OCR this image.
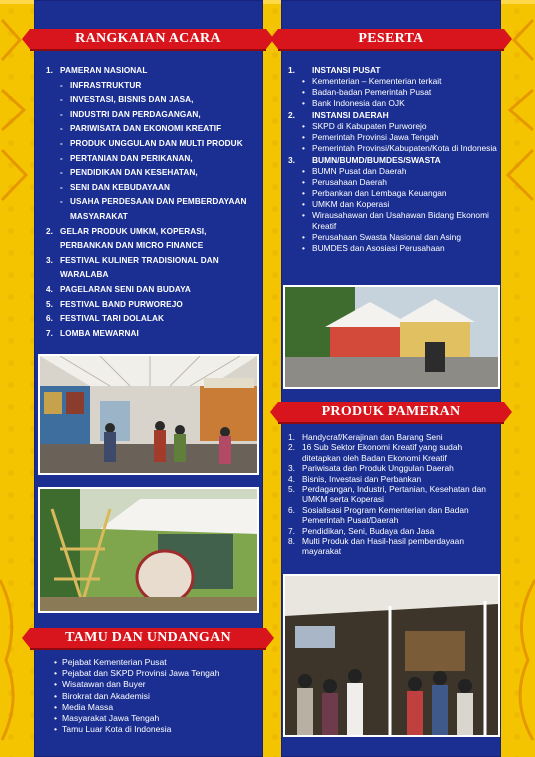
RANGKAIAN ACARA
1. PAMERAN NASIONAL
- INFRASTRUKTUR
- INVESTASI, BISNIS DAN JASA,
- INDUSTRI DAN PERDAGANGAN,
- PARIWISATA DAN EKONOMI KREATIF
- PRODUK UNGGULAN DAN MULTI PRODUK
- PERTANIAN DAN PERIKANAN,
- PENDIDIKAN DAN KESEHATAN,
- SENI DAN KEBUDAYAAN
- USAHA PERDESAAN DAN PEMBERDAYAAN
MASYARAKAT
2. GELAR PRODUK UMKM, KOPERASI,
PERBANKAN DAN MICRO FINANCE
3. FESTIVAL KULINER TRADISIONAL DAN
WARALABA
4. PAGELARAN SENI DAN BUDAYA
5. FESTIVAL BAND PURWOREJO
6. FESTIVAL TARI DOLALAK
7. LOMBA MEWARNAI
PESERTA
1.	INSTANSI PUSAT
• Kementerian – Kementerian terkait
• Badan-badan Pemerintah Pusat
• Bank Indonesia dan OJK
2.	INSTANSI DAERAH
• SKPD di Kabupaten Purworejo
• Pemerintah Provinsi Jawa Tengah
• Pemerintah Provinsi/Kabupaten/Kota di Indonesia
3.	BUMN/BUMD/BUMDES/SWASTA
• BUMN Pusat dan Daerah
• Perusahaan Daerah
• Perbankan dan Lembaga Keuangan
• UMKM dan Koperasi
• Wirausahawan dan Usahawan Bidang Ekonomi Kreatif
• Perusahaan Swasta Nasional dan Asing
• BUMDES dan Asosiasi Perusahaan
PRODUK PAMERAN
1. Handycraf/Kerajinan dan Barang Seni
2. 16 Sub Sektor Ekonomi Kreatif yang sudah ditetapkan oleh Badan Ekonomi Kreatif
3. Pariwisata dan Produk Unggulan Daerah
4. Bisnis, Investasi dan Perbankan
5. Perdagangan, Industri, Pertanian, Kesehatan dan UMKM serta Koperasi
6. Sosialisasi Program Kementerian dan Badan Pemerintah Pusat/Daerah
7. Pendidikan, Seni, Budaya dan Jasa
8. Multi Produk dan Hasil-hasil pemberdayaan mayarakat
TAMU DAN UNDANGAN
• Pejabat Kementerian Pusat
• Pejabat dan SKPD Provinsi Jawa Tengah
• Wisatawan dan Buyer
• Birokrat dan Akademisi
• Media Massa
• Masyarakat Jawa Tengah
• Tamu Luar Kota di Indonesia
